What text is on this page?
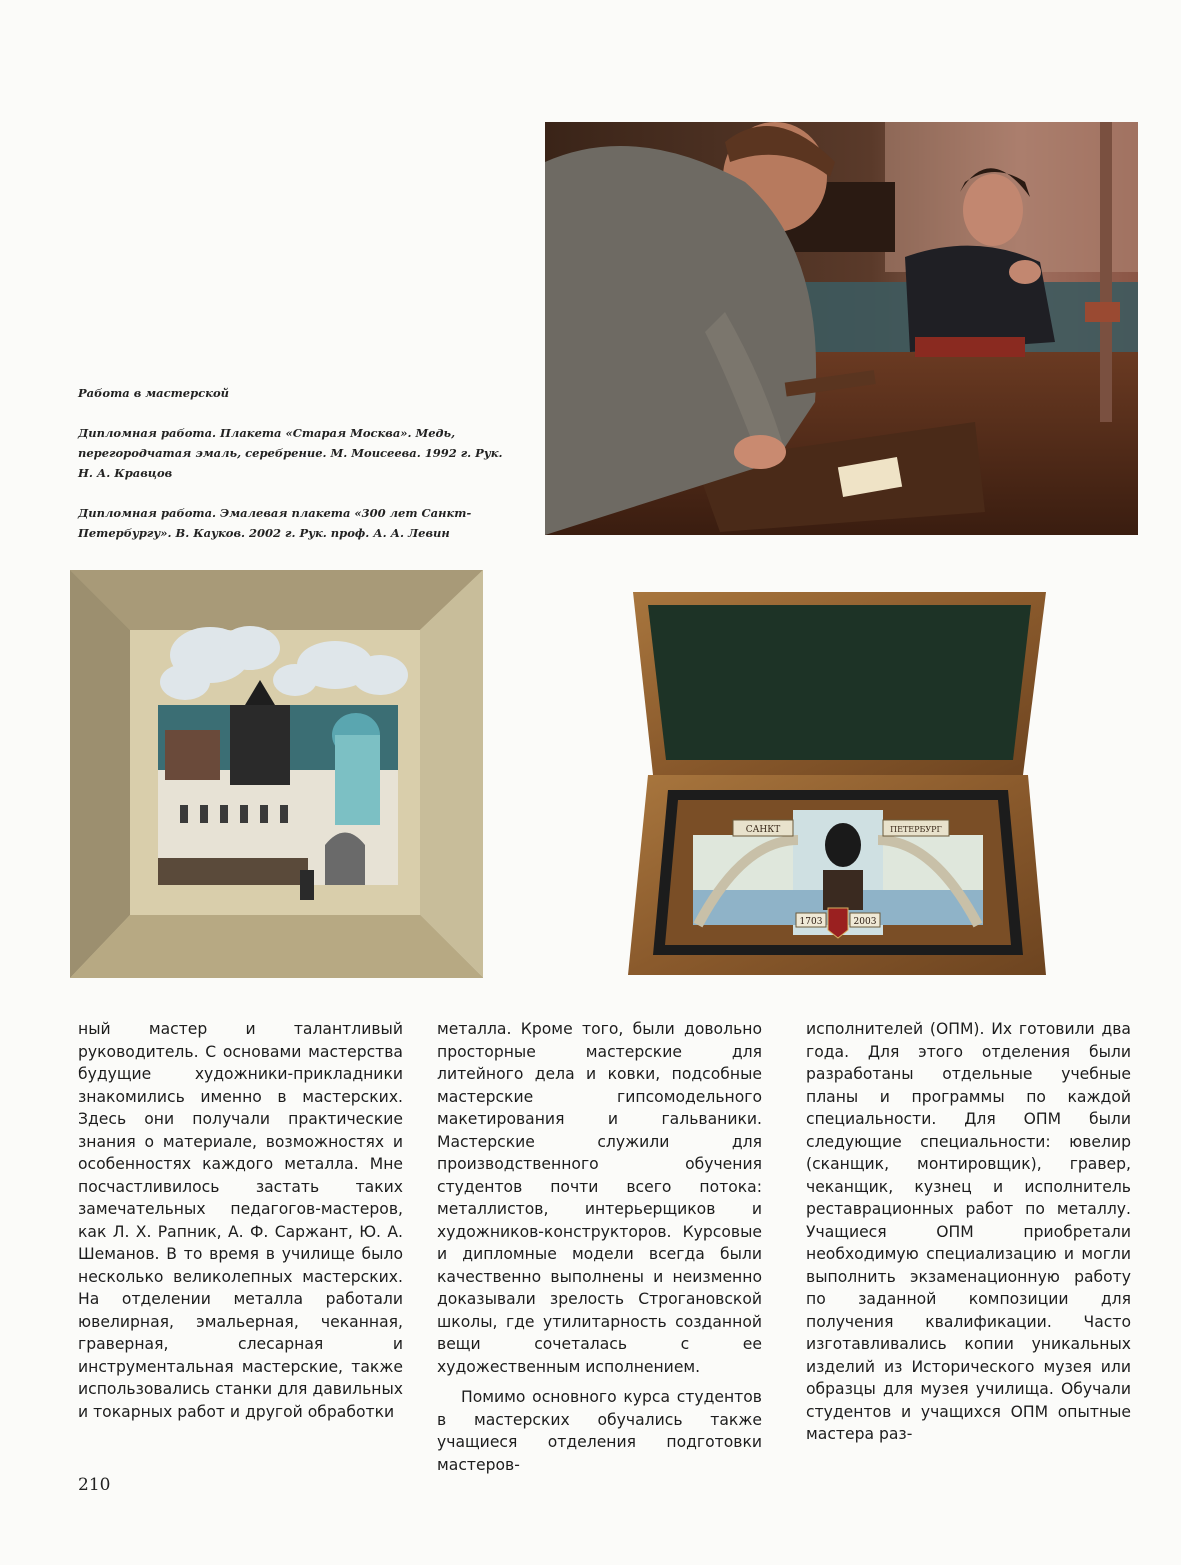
Работа в мастерской

Дипломная работа. Плакета «Старая Москва». Медь, перегородчатая эмаль, серебрение. М. Моисеева. 1992 г. Рук. Н. А. Кравцов

Дипломная работа. Эмалевая плакета «300 лет Санкт-Петербургу». В. Кауков. 2002 г. Рук. проф. А. А. Левин

САНКТ	ПЕТЕРБУРГ
1703	2003

ный мастер и талантливый руководитель. С основами мастерства будущие художники-прикладники знакомились именно в мастерских. Здесь они получали практические знания о материале, возможностях и особенностях каждого металла. Мне посчастливилось застать таких замечательных педагогов-мастеров, как Л. Х. Рапник, А. Ф. Саржант, Ю. А. Шеманов. В то время в училище было несколько великолепных мастерских. На отделении металла работали ювелирная, эмальерная, чеканная, граверная, слесарная и инструментальная мастерские, также использовались станки для давильных и токарных работ и другой обработки

металла. Кроме того, были довольно просторные мастерские для литейного дела и ковки, подсобные мастерские гипсомодельного макетирования и гальваники. Мастерские служили для производственного обучения студентов почти всего потока: металлистов, интерьерщиков и художников-конструкторов. Курсовые и дипломные модели всегда были качественно выполнены и неизменно доказывали зрелость Строгановской школы, где утилитарность созданной вещи сочеталась с ее художественным исполнением.

Помимо основного курса студентов в мастерских обучались также учащиеся отделения подготовки мастеров-

исполнителей (ОПМ). Их готовили два года. Для этого отделения были разработаны отдельные учебные планы и программы по каждой специальности. Для ОПМ были следующие специальности: ювелир (сканщик, монтировщик), гравер, чеканщик, кузнец и исполнитель реставрационных работ по металлу. Учащиеся ОПМ приобретали необходимую специализацию и могли выполнить экзаменационную работу по заданной композиции для получения квалификации. Часто изготавливались копии уникальных изделий из Исторического музея или образцы для музея училища. Обучали студентов и учащихся ОПМ опытные мастера раз-

210
